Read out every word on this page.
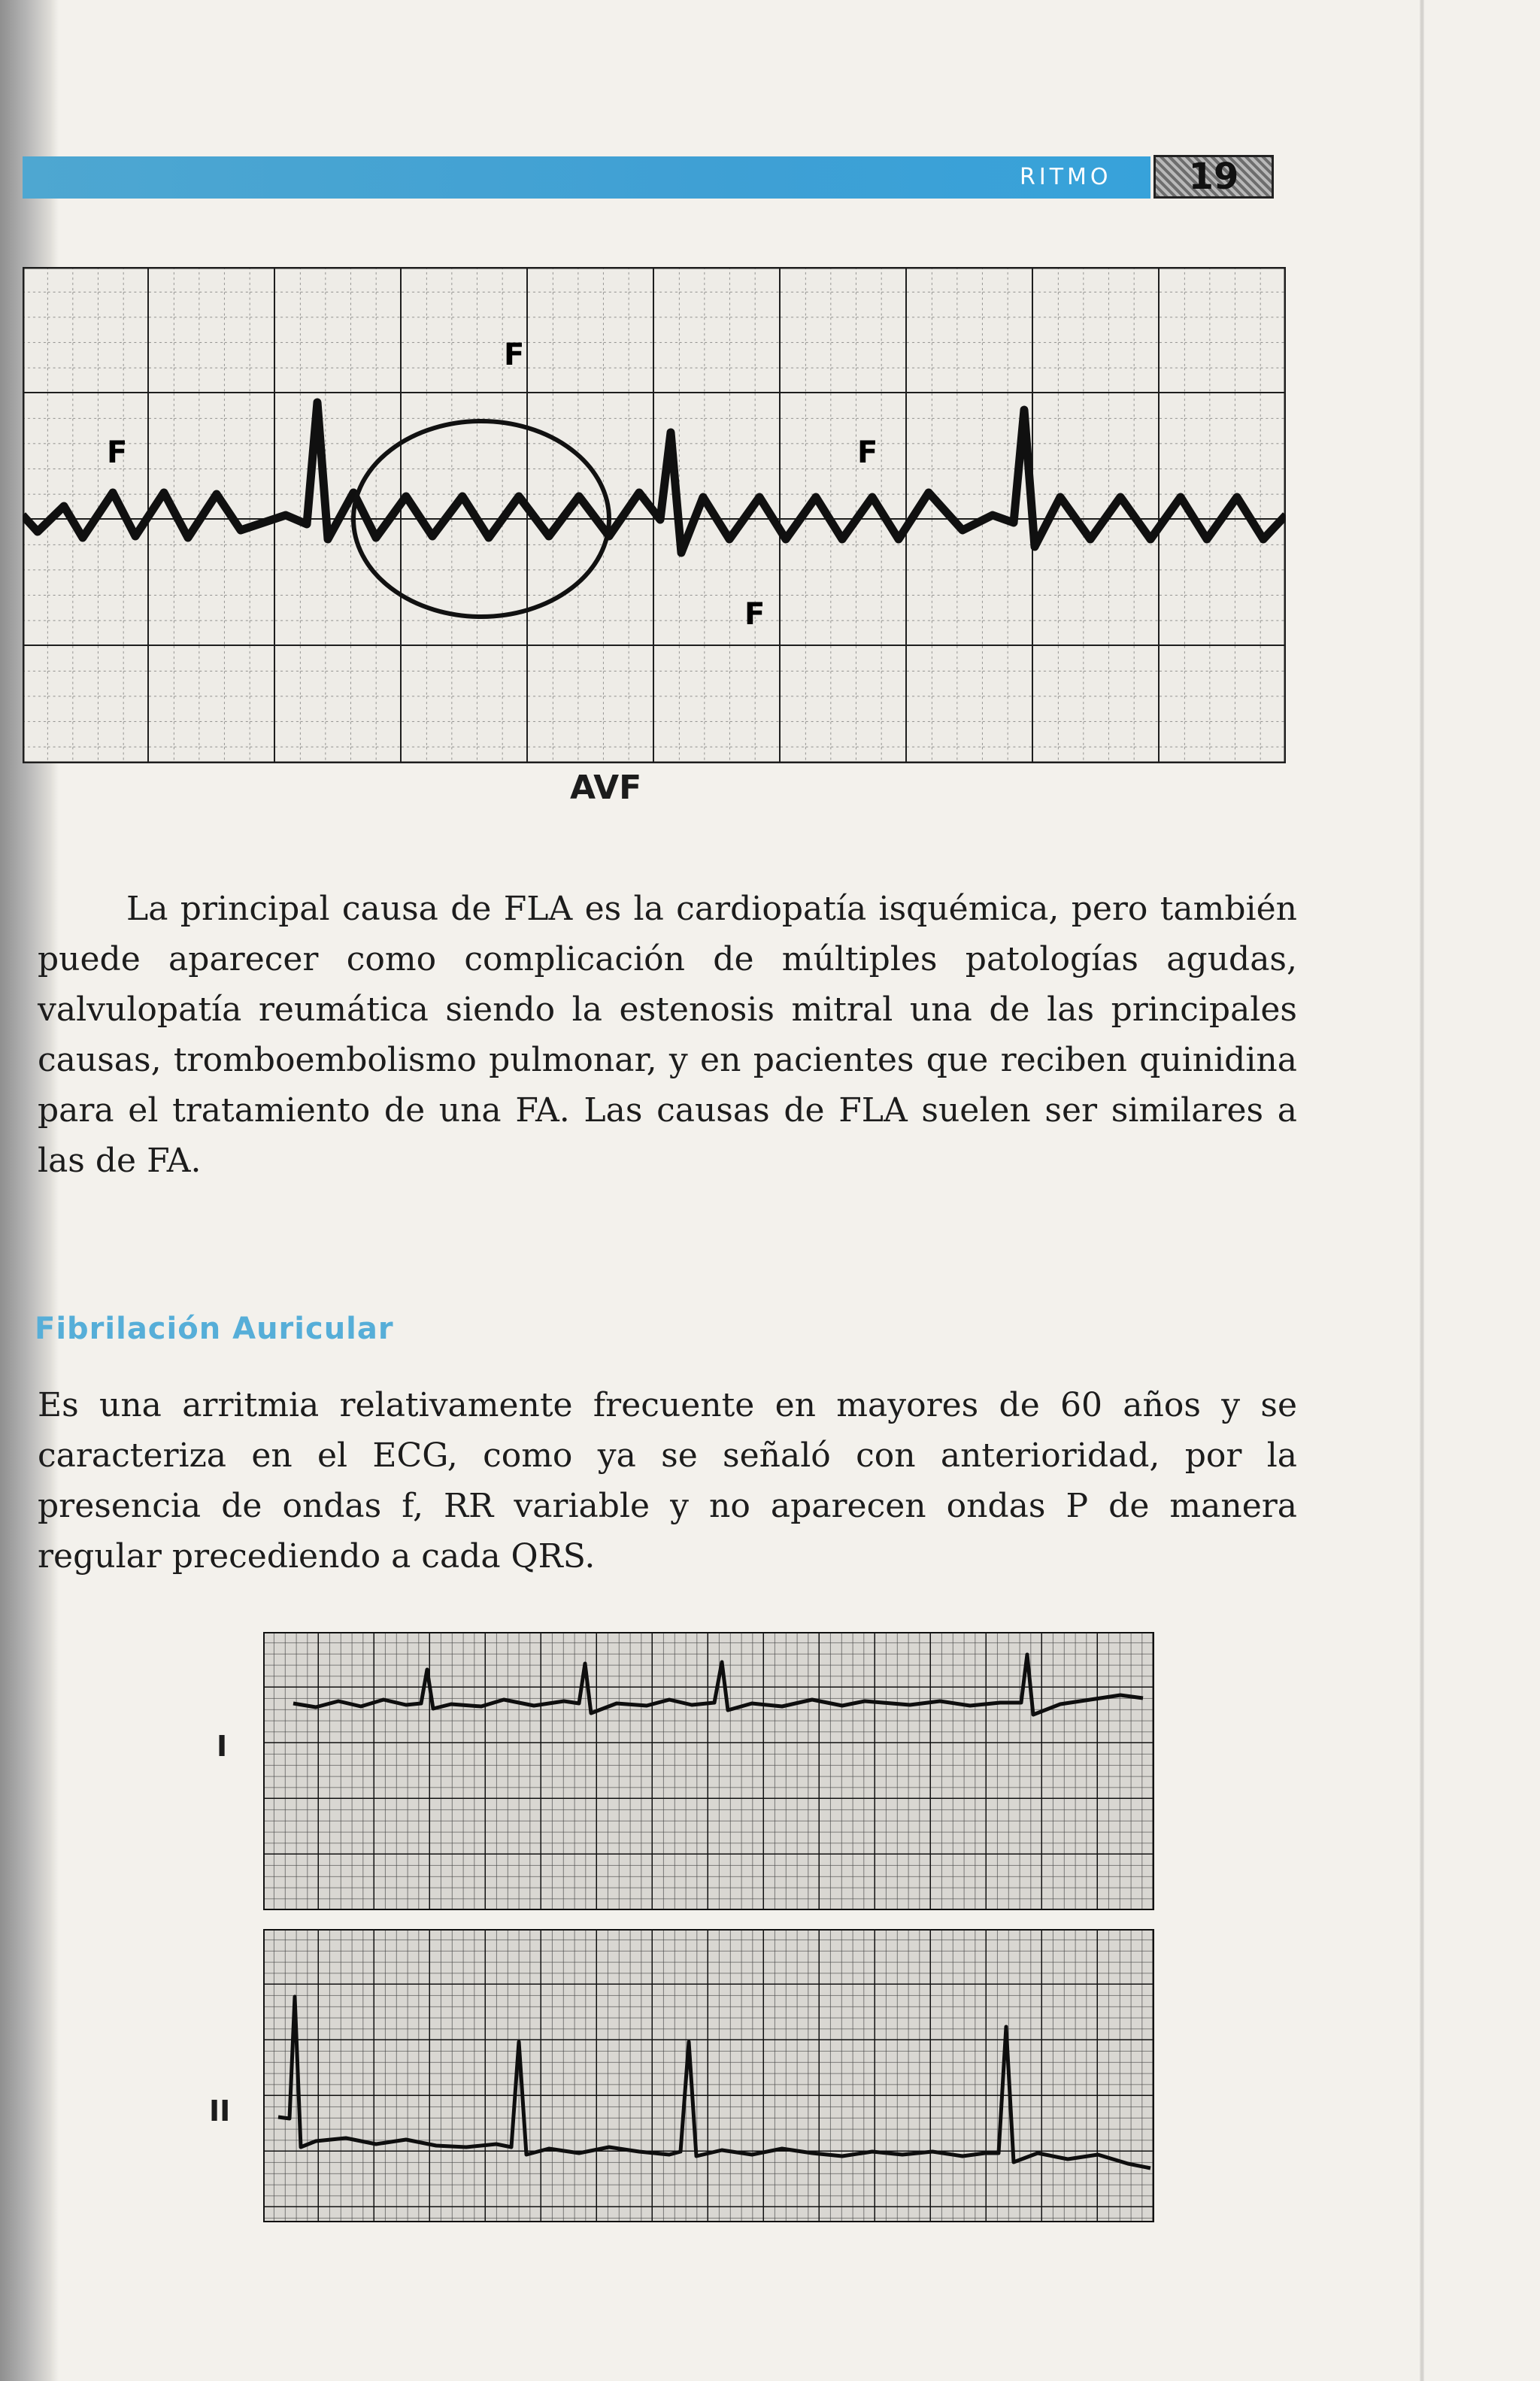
RITMO	19
F
F	F
F
AVF

La principal causa de FLA es la cardiopatía isquémica, pero también puede aparecer como complicación de múltiples patologías agudas, valvulopatía reumática siendo la estenosis mitral una de las principales causas, tromboembolismo pulmonar, y en pacientes que reciben quinidina para el tratamiento de una FA. Las causas de FLA suelen ser similares a las de FA.

Fibrilación Auricular

Es una arritmia relativamente frecuente en mayores de 60 años y se caracteriza en el ECG, como ya se señaló con anterioridad, por la presencia de ondas f, RR variable y no aparecen ondas P de manera regular precediendo a cada QRS.

I
II
